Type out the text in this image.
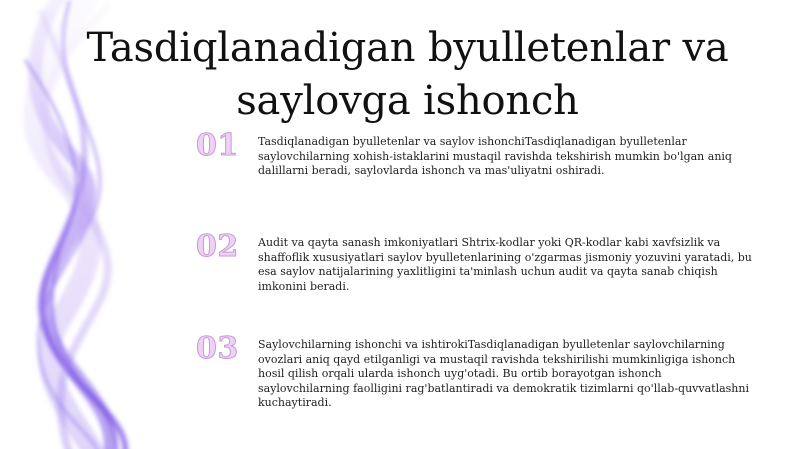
Tasdiqlanadigan byulletenlar va saylovga ishonch
01	Tasdiqlanadigan byulletenlar va saylov ishonchiTasdiqlanadigan byulletenlar saylovchilarning xohish-istaklarini mustaqil ravishda tekshirish mumkin bo'lgan aniq dalillarni beradi, saylovlarda ishonch va mas'uliyatni oshiradi.

02	Audit va qayta sanash imkoniyatlari Shtrix-kodlar yoki QR-kodlar kabi xavfsizlik va shaffoflik xususiyatlari saylov byulletenlarining o'zgarmas jismoniy yozuvini yaratadi, bu esa saylov natijalarining yaxlitligini ta'minlash uchun audit va qayta sanab chiqish imkonini beradi.

03	Saylovchilarning ishonchi va ishtirokiTasdiqlanadigan byulletenlar saylovchilarning ovozlari aniq qayd etilganligi va mustaqil ravishda tekshirilishi mumkinligiga ishonch hosil qilish orqali ularda ishonch uyg'otadi. Bu ortib borayotgan ishonch saylovchilarning faolligini rag'batlantiradi va demokratik tizimlarni qo'llab-quvvatlashni kuchaytiradi.
